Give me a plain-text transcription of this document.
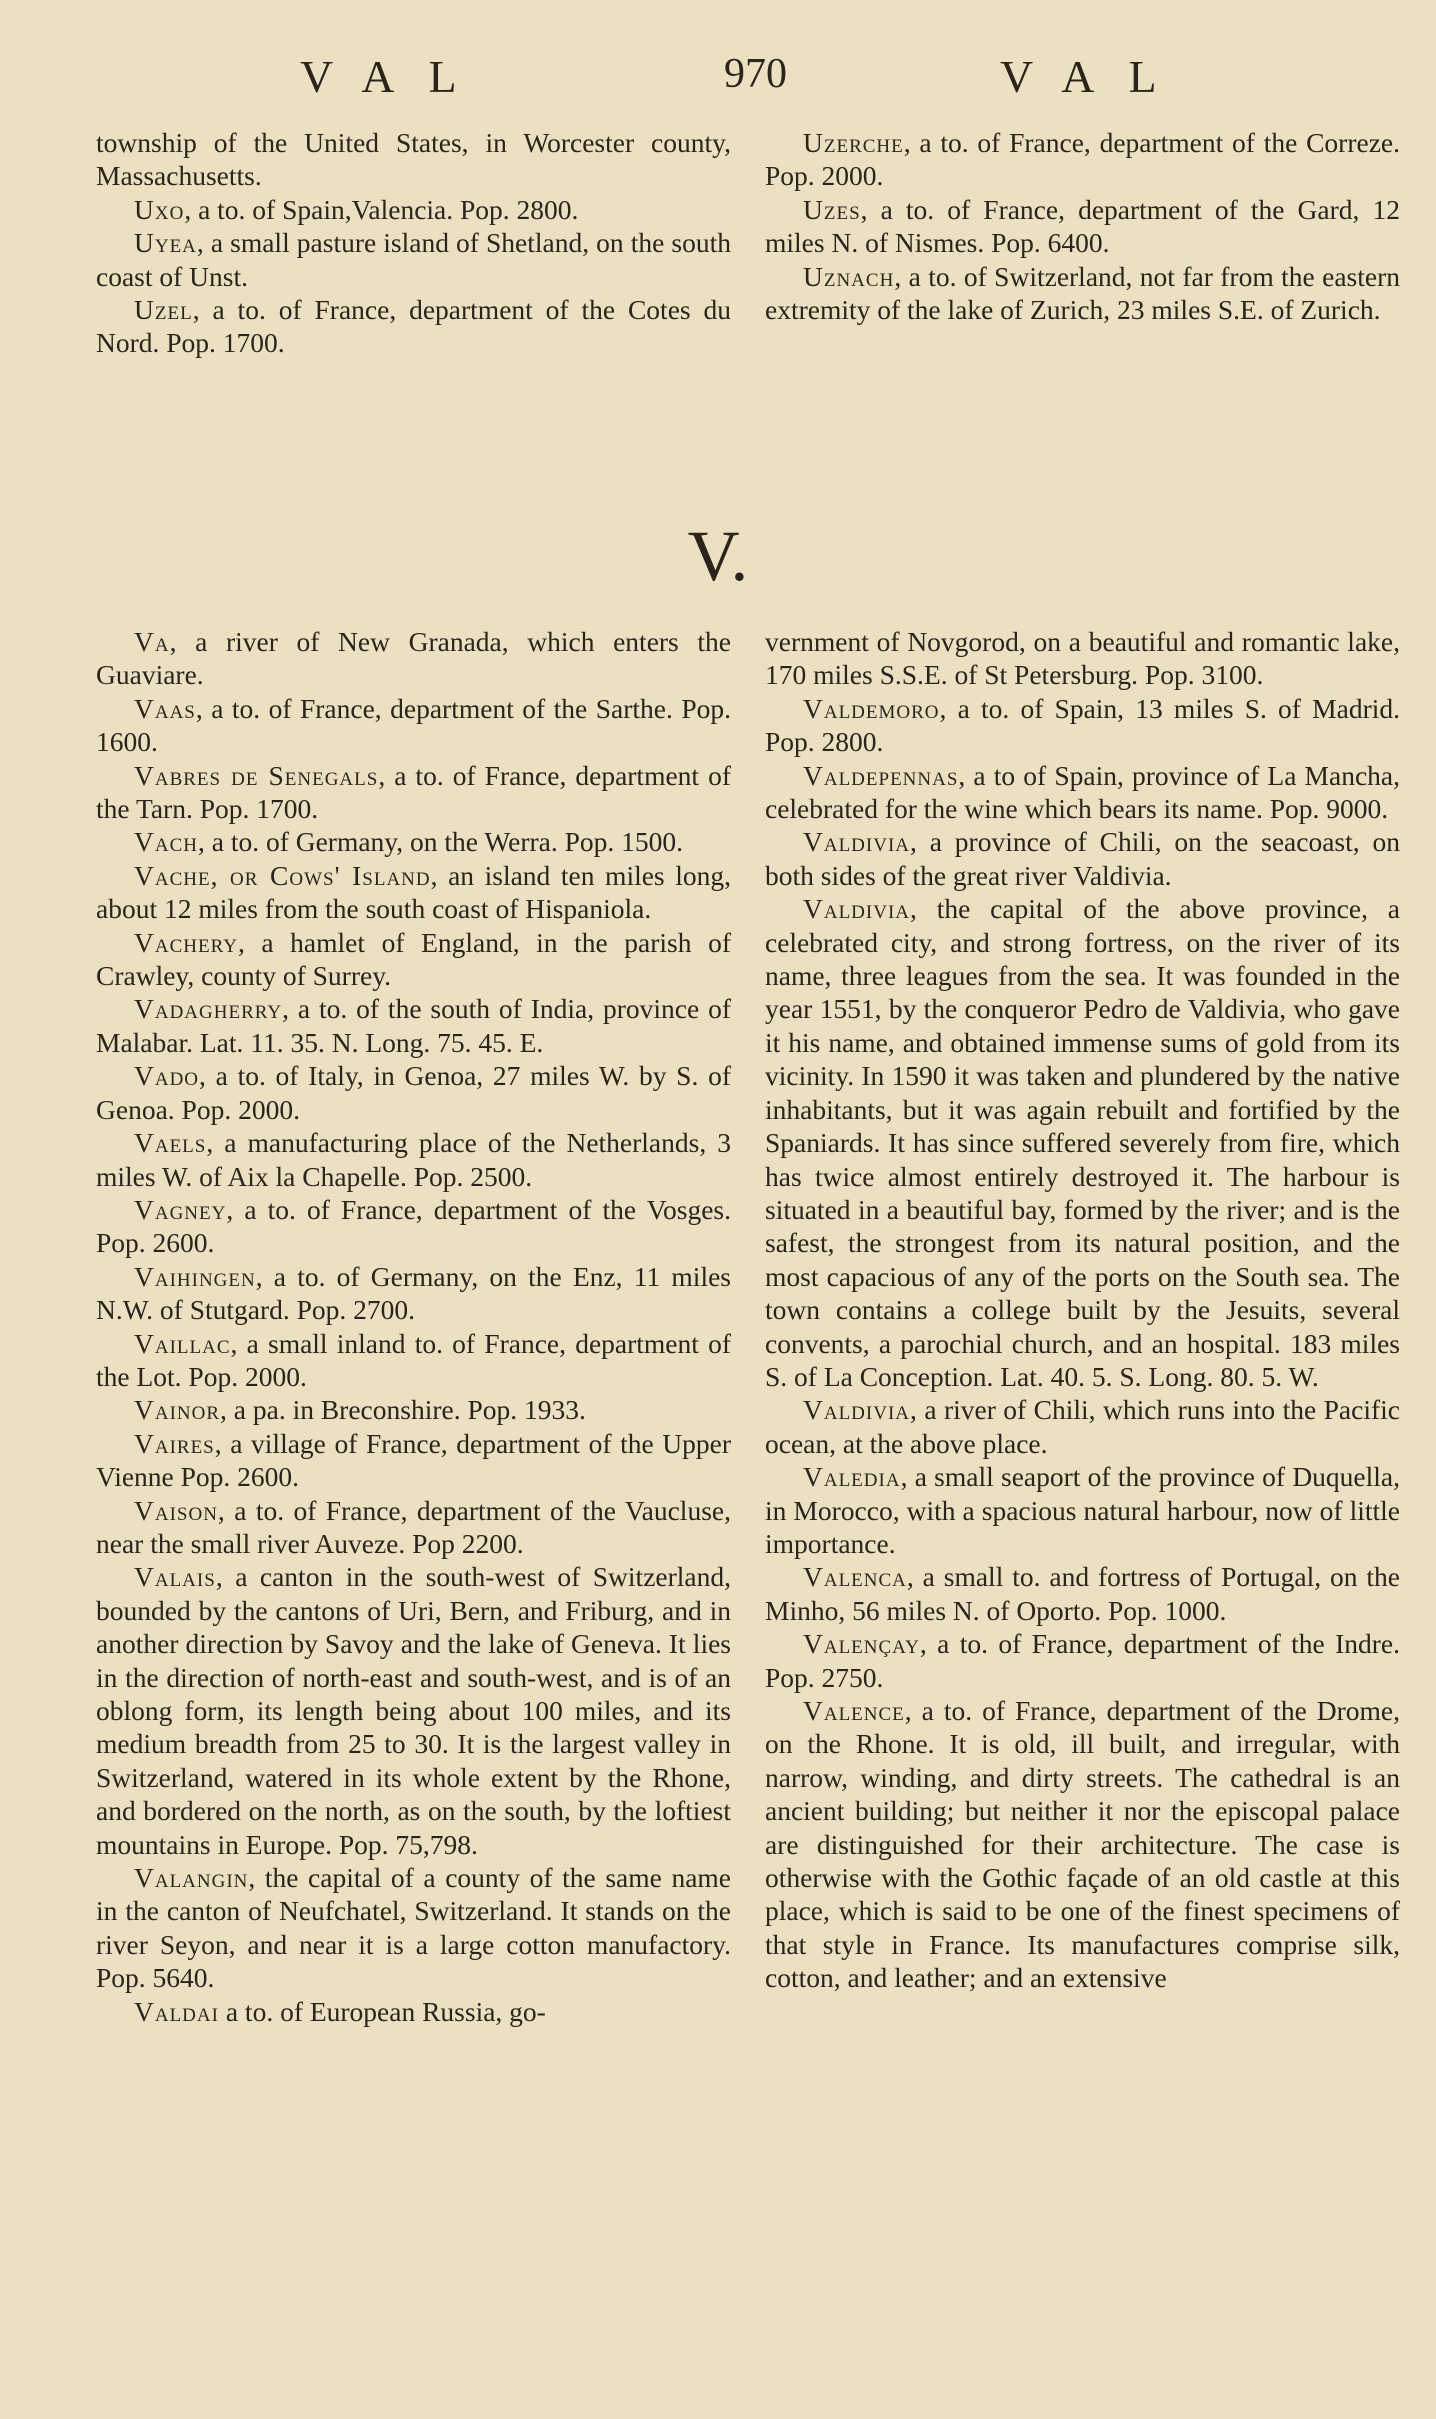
VAL	970	VAL

township of the United States, in Worcester county, Massachusetts.

Uxo, a to. of Spain,Valencia. Pop. 2800.

Uyea, a small pasture island of Shetland, on the south coast of Unst.

Uzel, a to. of France, department of the Cotes du Nord. Pop. 1700.

Uzerche, a to. of France, department of the Correze. Pop. 2000.

Uzes, a to. of France, department of the Gard, 12 miles N. of Nismes. Pop. 6400.

Uznach, a to. of Switzerland, not far from the eastern extremity of the lake of Zurich, 23 miles S.E. of Zurich.

V.

Va, a river of New Granada, which enters the Guaviare.

Vaas, a to. of France, department of the Sarthe. Pop. 1600.

Vabres de Senegals, a to. of France, department of the Tarn. Pop. 1700.

Vach, a to. of Germany, on the Werra. Pop. 1500.

Vache, or Cows' Island, an island ten miles long, about 12 miles from the south coast of Hispaniola.

Vachery, a hamlet of England, in the parish of Crawley, county of Surrey.

Vadagherry, a to. of the south of India, province of Malabar. Lat. 11. 35. N. Long. 75. 45. E.

Vado, a to. of Italy, in Genoa, 27 miles W. by S. of Genoa. Pop. 2000.

Vaels, a manufacturing place of the Netherlands, 3 miles W. of Aix la Chapelle. Pop. 2500.

Vagney, a to. of France, department of the Vosges. Pop. 2600.

Vaihingen, a to. of Germany, on the Enz, 11 miles N.W. of Stutgard. Pop. 2700.

Vaillac, a small inland to. of France, department of the Lot. Pop. 2000.

Vainor, a pa. in Breconshire. Pop. 1933.

Vaires, a village of France, department of the Upper Vienne Pop. 2600.

Vaison, a to. of France, department of the Vaucluse, near the small river Auveze. Pop 2200.

Valais, a canton in the south-west of Switzerland, bounded by the cantons of Uri, Bern, and Friburg, and in another direction by Savoy and the lake of Geneva. It lies in the direction of north-east and south-west, and is of an oblong form, its length being about 100 miles, and its medium breadth from 25 to 30. It is the largest valley in Switzerland, watered in its whole extent by the Rhone, and bordered on the north, as on the south, by the loftiest mountains in Europe. Pop. 75,798.

Valangin, the capital of a county of the same name in the canton of Neufchatel, Switzerland. It stands on the river Seyon, and near it is a large cotton manufactory. Pop. 5640.

Valdai a to. of European Russia, go-

vernment of Novgorod, on a beautiful and romantic lake, 170 miles S.S.E. of St Petersburg. Pop. 3100.

Valdemoro, a to. of Spain, 13 miles S. of Madrid. Pop. 2800.

Valdepennas, a to of Spain, province of La Mancha, celebrated for the wine which bears its name. Pop. 9000.

Valdivia, a province of Chili, on the seacoast, on both sides of the great river Valdivia.

Valdivia, the capital of the above province, a celebrated city, and strong fortress, on the river of its name, three leagues from the sea. It was founded in the year 1551, by the conqueror Pedro de Valdivia, who gave it his name, and obtained immense sums of gold from its vicinity. In 1590 it was taken and plundered by the native inhabitants, but it was again rebuilt and fortified by the Spaniards. It has since suffered severely from fire, which has twice almost entirely destroyed it. The harbour is situated in a beautiful bay, formed by the river; and is the safest, the strongest from its natural position, and the most capacious of any of the ports on the South sea. The town contains a college built by the Jesuits, several convents, a parochial church, and an hospital. 183 miles S. of La Conception. Lat. 40. 5. S. Long. 80. 5. W.

Valdivia, a river of Chili, which runs into the Pacific ocean, at the above place.

Valedia, a small seaport of the province of Duquella, in Morocco, with a spacious natural harbour, now of little importance.

Valenca, a small to. and fortress of Portugal, on the Minho, 56 miles N. of Oporto. Pop. 1000.

Valençay, a to. of France, department of the Indre. Pop. 2750.

Valence, a to. of France, department of the Drome, on the Rhone. It is old, ill built, and irregular, with narrow, winding, and dirty streets. The cathedral is an ancient building; but neither it nor the episcopal palace are distinguished for their architecture. The case is otherwise with the Gothic façade of an old castle at this place, which is said to be one of the finest specimens of that style in France. Its manufactures comprise silk, cotton, and leather; and an extensive
